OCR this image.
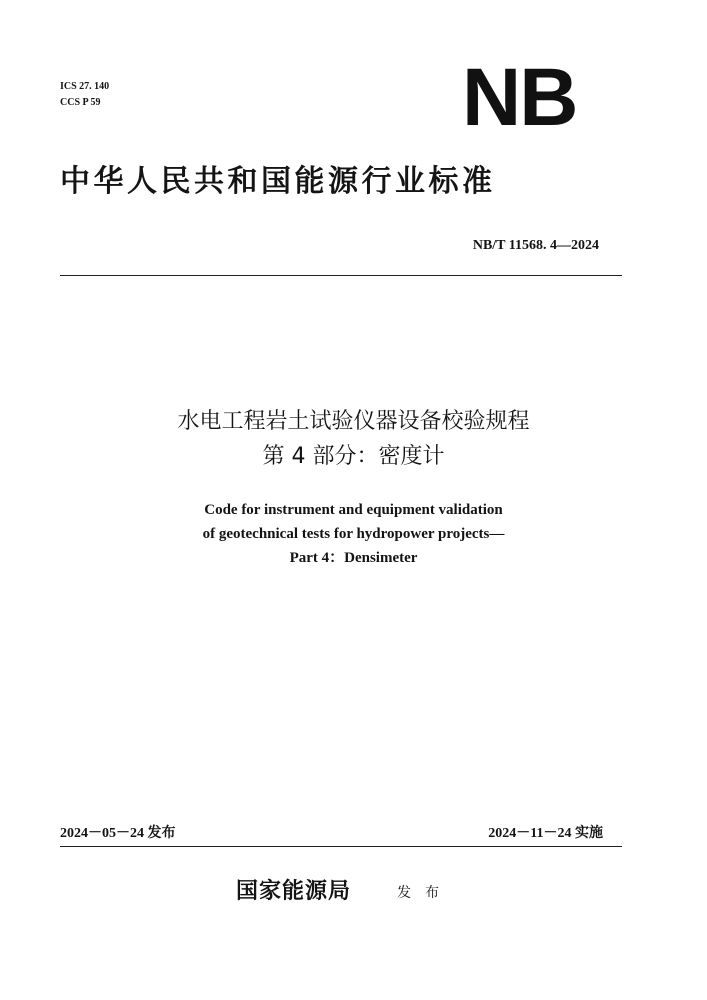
ICS 27. 140
CCS P 59	NB
中华人民共和国能源行业标准
NB/T 11568. 4—2024
水电工程岩土试验仪器设备校验规程
第 4 部分：密度计
Code for instrument and equipment validation
of geotechnical tests for hydropower projects—
Part 4：Densimeter
2024－05－24 发布	2024－11－24 实施
国家能源局	发布
